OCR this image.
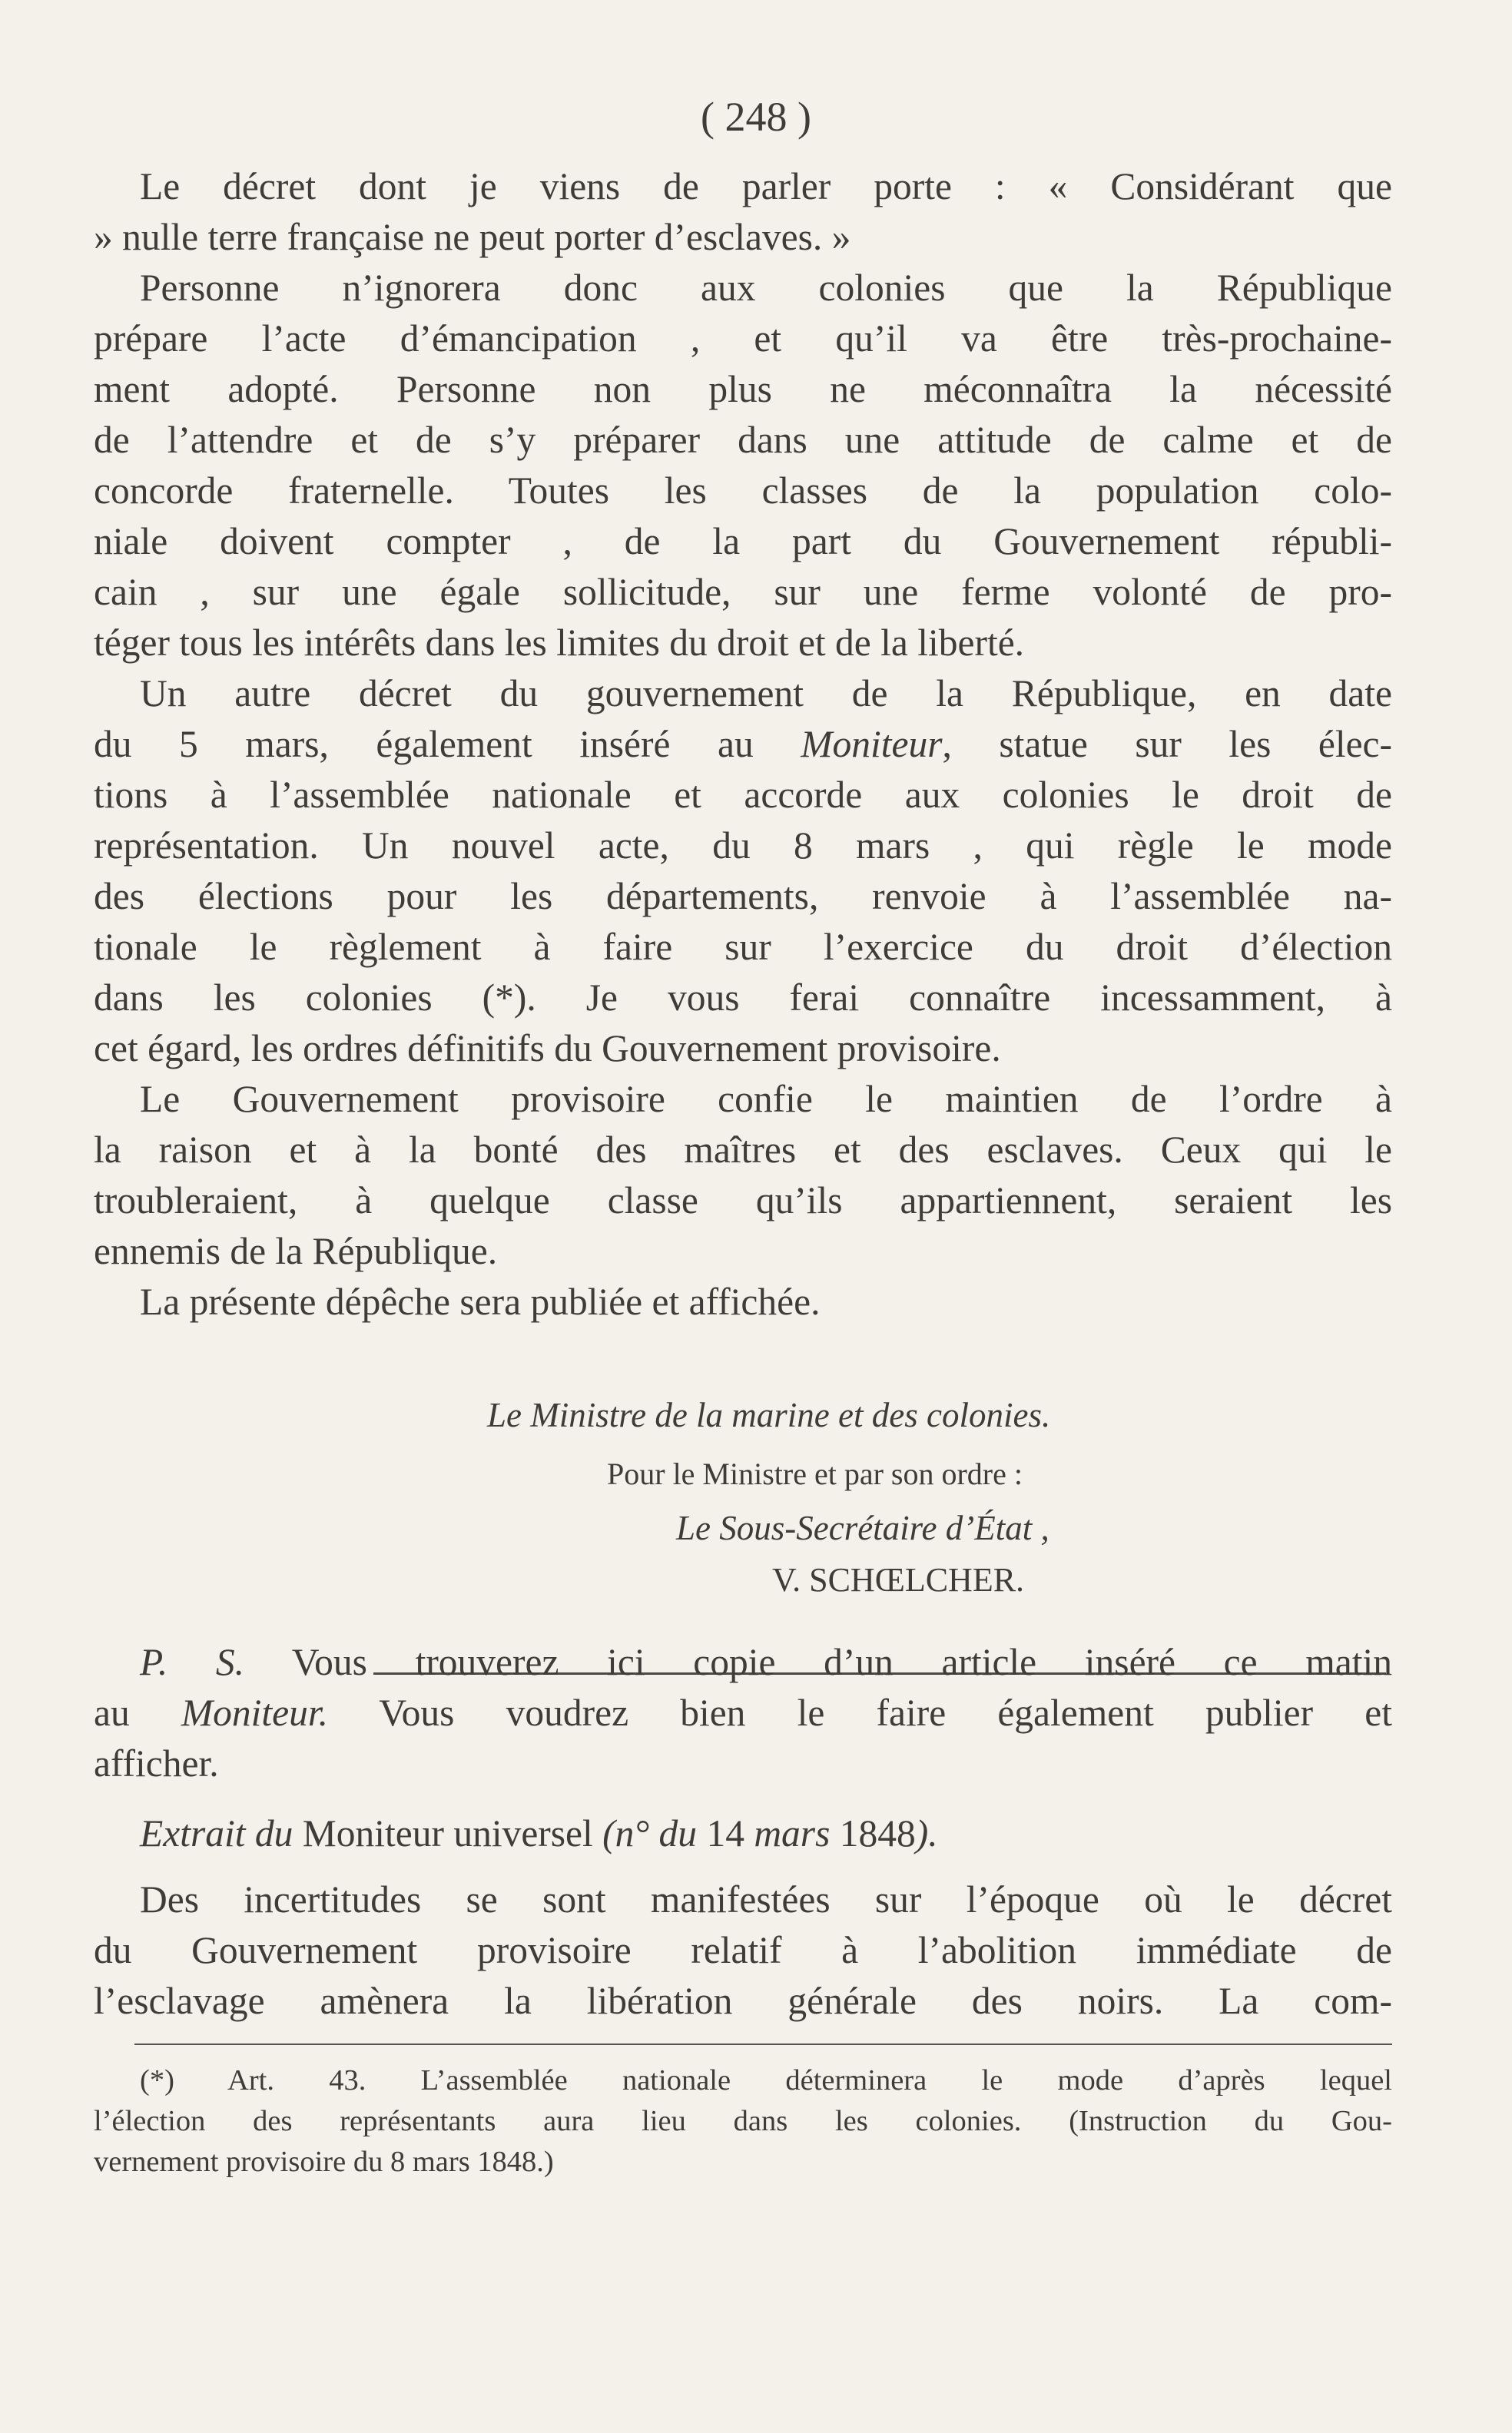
( 248 )

Le décret dont je viens de parler porte : « Considérant que

» nulle terre française ne peut porter d’esclaves. »

Personne n’ignorera donc aux colonies que la République

prépare l’acte d’émancipation , et qu’il va être très-prochaine-

ment adopté. Personne non plus ne méconnaîtra la nécessité

de l’attendre et de s’y préparer dans une attitude de calme et de

concorde fraternelle. Toutes les classes de la population colo-

niale doivent compter , de la part du Gouvernement républi-

cain , sur une égale sollicitude, sur une ferme volonté de pro-

téger tous les intérêts dans les limites du droit et de la liberté.

Un autre décret du gouvernement de la République, en date

du 5 mars, également inséré au Moniteur, statue sur les élec-

tions à l’assemblée nationale et accorde aux colonies le droit de

représentation. Un nouvel acte, du 8 mars , qui règle le mode

des élections pour les départements, renvoie à l’assemblée na-

tionale le règlement à faire sur l’exercice du droit d’élection

dans les colonies (*). Je vous ferai connaître incessamment, à

cet égard, les ordres définitifs du Gouvernement provisoire.

Le Gouvernement provisoire confie le maintien de l’ordre à

la raison et à la bonté des maîtres et des esclaves. Ceux qui le

troubleraient, à quelque classe qu’ils appartiennent, seraient les

ennemis de la République.

La présente dépêche sera publiée et affichée.

Le Ministre de la marine et des colonies.
Pour le Ministre et par son ordre :
Le Sous-Secrétaire d’État ,
V. SCHŒLCHER.

P. S. Vous trouverez ici copie d’un article inséré ce matin

au Moniteur. Vous voudrez bien le faire également publier et

afficher.

Extrait du Moniteur universel (n° du 14 mars 1848).

Des incertitudes se sont manifestées sur l’époque où le décret

du Gouvernement provisoire relatif à l’abolition immédiate de

l’esclavage amènera la libération générale des noirs. La com-

(*) Art. 43. L’assemblée nationale déterminera le mode d’après lequel

l’élection des représentants aura lieu dans les colonies. (Instruction du Gou-

vernement provisoire du 8 mars 1848.)
